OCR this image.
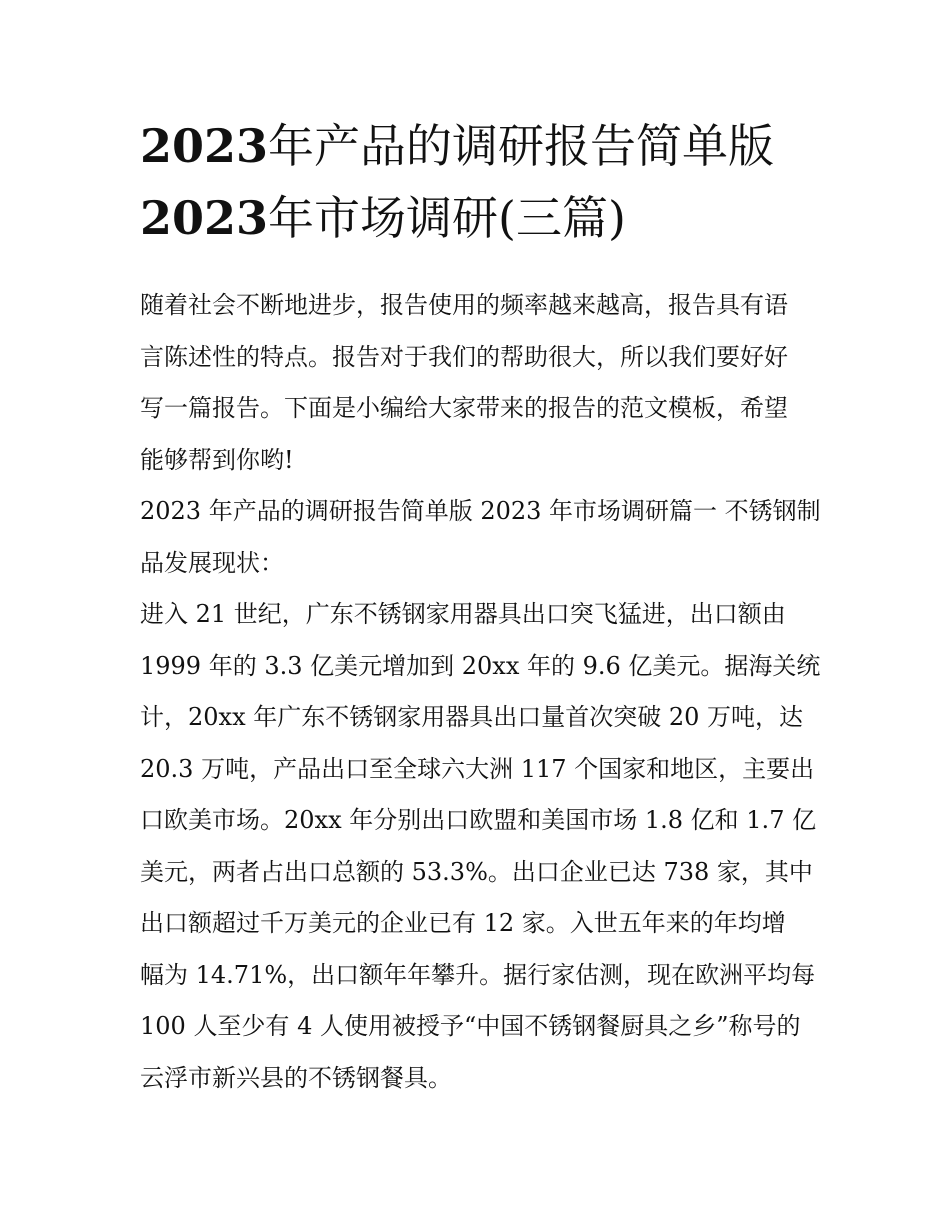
2023年产品的调研报告简单版
2023年市场调研(三篇)
随着社会不断地进步，报告使用的频率越来越高，报告具有语
言陈述性的特点。报告对于我们的帮助很大，所以我们要好好
写一篇报告。下面是小编给大家带来的报告的范文模板，希望
能够帮到你哟!
2023 年产品的调研报告简单版 2023 年市场调研篇一 不锈钢制
品发展现状：
进入 21 世纪，广东不锈钢家用器具出口突飞猛进，出口额由
1999 年的 3.3 亿美元增加到 20xx 年的 9.6 亿美元。据海关统
计，20xx 年广东不锈钢家用器具出口量首次突破 20 万吨，达
20.3 万吨，产品出口至全球六大洲 117 个国家和地区，主要出
口欧美市场。20xx 年分别出口欧盟和美国市场 1.8 亿和 1.7 亿
美元，两者占出口总额的 53.3%。出口企业已达 738 家，其中
出口额超过千万美元的企业已有 12 家。入世五年来的年均增
幅为 14.71%，出口额年年攀升。据行家估测，现在欧洲平均每
100 人至少有 4 人使用被授予“中国不锈钢餐厨具之乡”称号的
云浮市新兴县的不锈钢餐具。
